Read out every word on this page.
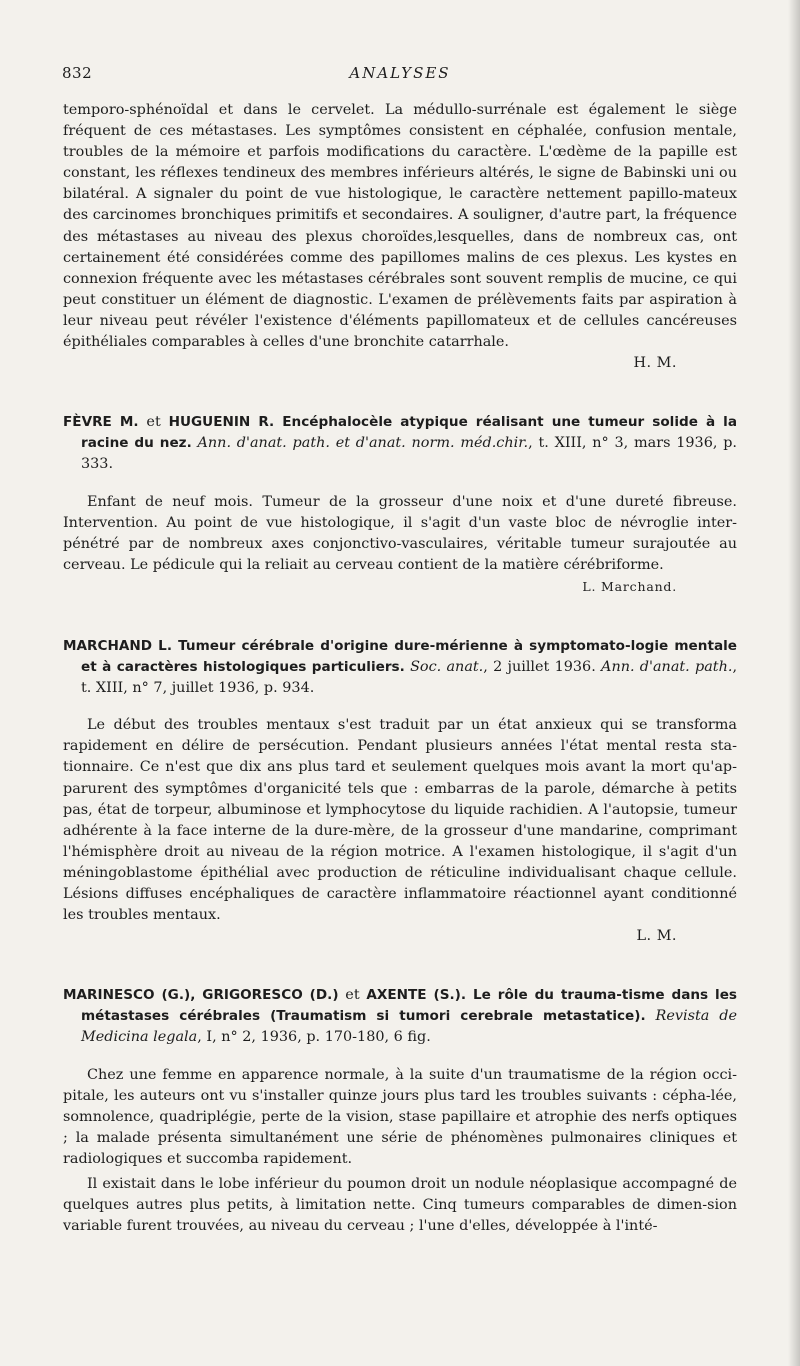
832	ANALYSES

temporo-sphénoïdal et dans le cervelet. La médullo-surrénale est également le siège fréquent de ces métastases. Les symptômes consistent en céphalée, confusion mentale, troubles de la mémoire et parfois modifications du caractère. L'œdème de la papille est constant, les réflexes tendineux des membres inférieurs altérés, le signe de Babinski uni ou bilatéral. A signaler du point de vue histologique, le caractère nettement papillo-mateux des carcinomes bronchiques primitifs et secondaires. A souligner, d'autre part, la fréquence des métastases au niveau des plexus choroïdes,lesquelles, dans de nombreux cas, ont certainement été considérées comme des papillomes malins de ces plexus. Les kystes en connexion fréquente avec les métastases cérébrales sont souvent remplis de mucine, ce qui peut constituer un élément de diagnostic. L'examen de prélèvements faits par aspiration à leur niveau peut révéler l'existence d'éléments papillomateux et de cellules cancéreuses épithéliales comparables à celles d'une bronchite catarrhale.

H. M.

FÈVRE M. et HUGUENIN R. Encéphalocèle atypique réalisant une tumeur solide à la racine du nez. Ann. d'anat. path. et d'anat. norm. méd.chir., t. XIII, n° 3, mars 1936, p. 333.

Enfant de neuf mois. Tumeur de la grosseur d'une noix et d'une dureté fibreuse. Intervention. Au point de vue histologique, il s'agit d'un vaste bloc de névroglie inter-pénétré par de nombreux axes conjonctivo-vasculaires, véritable tumeur surajoutée au cerveau. Le pédicule qui la reliait au cerveau contient de la matière cérébriforme.

L. Marchand.

MARCHAND L. Tumeur cérébrale d'origine dure-mérienne à symptomato-logie mentale et à caractères histologiques particuliers. Soc. anat., 2 juillet 1936. Ann. d'anat. path., t. XIII, n° 7, juillet 1936, p. 934.

Le début des troubles mentaux s'est traduit par un état anxieux qui se transforma rapidement en délire de persécution. Pendant plusieurs années l'état mental resta sta-tionnaire. Ce n'est que dix ans plus tard et seulement quelques mois avant la mort qu'ap-parurent des symptômes d'organicité tels que : embarras de la parole, démarche à petits pas, état de torpeur, albuminose et lymphocytose du liquide rachidien. A l'autopsie, tumeur adhérente à la face interne de la dure-mère, de la grosseur d'une mandarine, comprimant l'hémisphère droit au niveau de la région motrice. A l'examen histologique, il s'agit d'un méningoblastome épithélial avec production de réticuline individualisant chaque cellule. Lésions diffuses encéphaliques de caractère inflammatoire réactionnel ayant conditionné les troubles mentaux.

L. M.

MARINESCO (G.), GRIGORESCO (D.) et AXENTE (S.). Le rôle du trauma-tisme dans les métastases cérébrales (Traumatism si tumori cerebrale metastatice). Revista de Medicina legala, I, n° 2, 1936, p. 170-180, 6 fig.

Chez une femme en apparence normale, à la suite d'un traumatisme de la région occi-pitale, les auteurs ont vu s'installer quinze jours plus tard les troubles suivants : cépha-lée, somnolence, quadriplégie, perte de la vision, stase papillaire et atrophie des nerfs optiques ; la malade présenta simultanément une série de phénomènes pulmonaires cliniques et radiologiques et succomba rapidement.

Il existait dans le lobe inférieur du poumon droit un nodule néoplasique accompagné de quelques autres plus petits, à limitation nette. Cinq tumeurs comparables de dimen-sion variable furent trouvées, au niveau du cerveau ; l'une d'elles, développée à l'inté-
